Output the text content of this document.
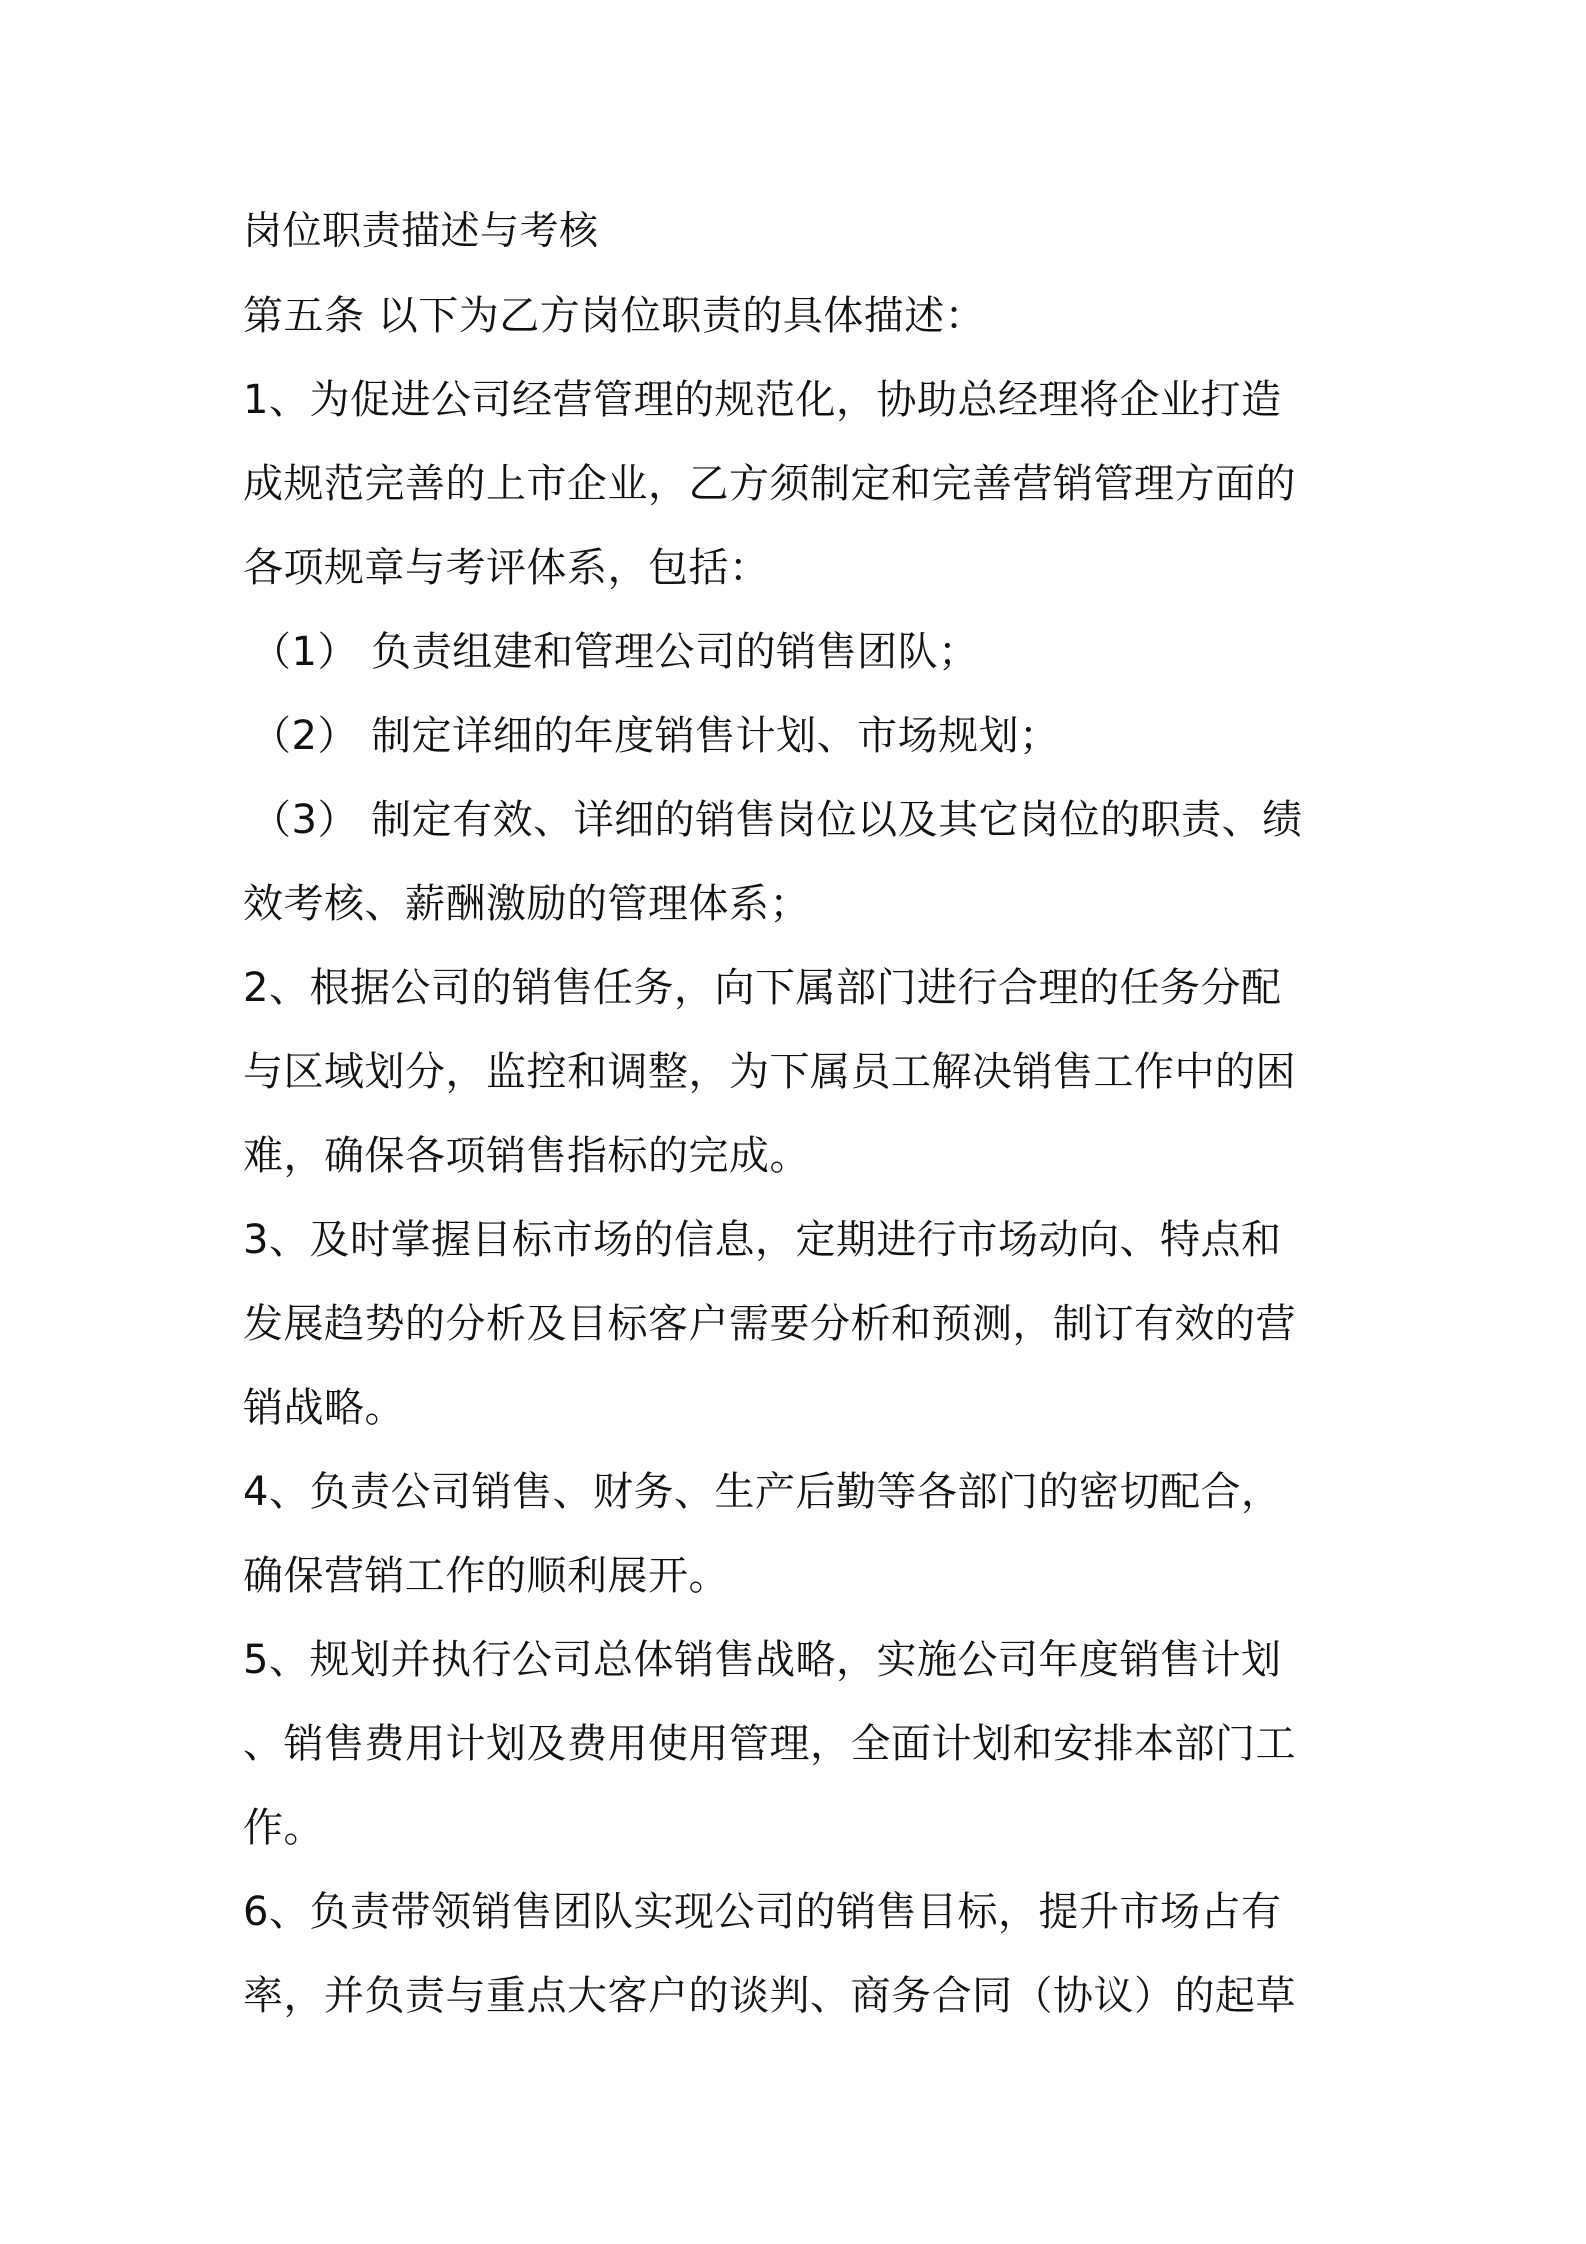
岗位职责描述与考核
第五条 以下为乙方岗位职责的具体描述：
1、为促进公司经营管理的规范化，协助总经理将企业打造
成规范完善的上市企业，乙方须制定和完善营销管理方面的
各项规章与考评体系，包括：
（1） 负责组建和管理公司的销售团队；
（2） 制定详细的年度销售计划、市场规划；
（3） 制定有效、详细的销售岗位以及其它岗位的职责、绩
效考核、薪酬激励的管理体系；
2、根据公司的销售任务，向下属部门进行合理的任务分配
与区域划分，监控和调整，为下属员工解决销售工作中的困
难，确保各项销售指标的完成。
3、及时掌握目标市场的信息，定期进行市场动向、特点和
发展趋势的分析及目标客户需要分析和预测，制订有效的营
销战略。
4、负责公司销售、财务、生产后勤等各部门的密切配合，
确保营销工作的顺利展开。
5、规划并执行公司总体销售战略，实施公司年度销售计划
、销售费用计划及费用使用管理，全面计划和安排本部门工
作。
6、负责带领销售团队实现公司的销售目标，提升市场占有
率，并负责与重点大客户的谈判、商务合同（协议）的起草
